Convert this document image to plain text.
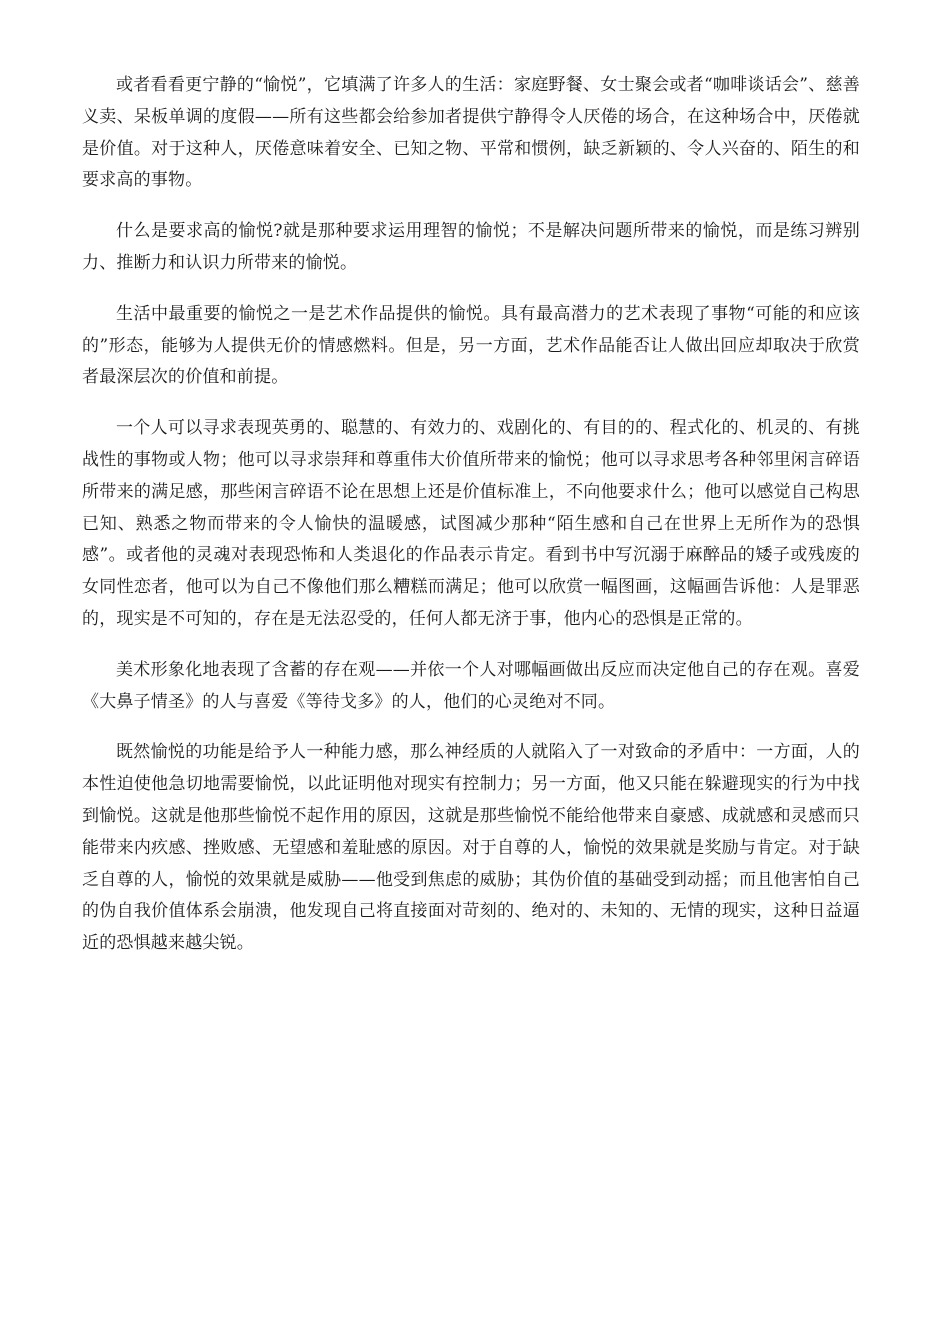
或者看看更宁静的“愉悦”，它填满了许多人的生活：家庭野餐、女士聚会或者“咖啡谈话会”、慈善义卖、呆板单调的度假——所有这些都会给参加者提供宁静得令人厌倦的场合，在这种场合中，厌倦就是价值。对于这种人，厌倦意味着安全、已知之物、平常和惯例，缺乏新颖的、令人兴奋的、陌生的和要求高的事物。

什么是要求高的愉悦?就是那种要求运用理智的愉悦；不是解决问题所带来的愉悦，而是练习辨别力、推断力和认识力所带来的愉悦。

生活中最重要的愉悦之一是艺术作品提供的愉悦。具有最高潜力的艺术表现了事物“可能的和应该的”形态，能够为人提供无价的情感燃料。但是，另一方面，艺术作品能否让人做出回应却取决于欣赏者最深层次的价值和前提。

一个人可以寻求表现英勇的、聪慧的、有效力的、戏剧化的、有目的的、程式化的、机灵的、有挑战性的事物或人物；他可以寻求崇拜和尊重伟大价值所带来的愉悦；他可以寻求思考各种邻里闲言碎语所带来的满足感，那些闲言碎语不论在思想上还是价值标准上，不向他要求什么；他可以感觉自己构思已知、熟悉之物而带来的令人愉快的温暖感，试图减少那种“陌生感和自己在世界上无所作为的恐惧感”。或者他的灵魂对表现恐怖和人类退化的作品表示肯定。看到书中写沉溺于麻醉品的矮子或残废的女同性恋者，他可以为自己不像他们那么糟糕而满足；他可以欣赏一幅图画，这幅画告诉他：人是罪恶的，现实是不可知的，存在是无法忍受的，任何人都无济于事，他内心的恐惧是正常的。

美术形象化地表现了含蓄的存在观——并依一个人对哪幅画做出反应而决定他自己的存在观。喜爱《大鼻子情圣》的人与喜爱《等待戈多》的人，他们的心灵绝对不同。

既然愉悦的功能是给予人一种能力感，那么神经质的人就陷入了一对致命的矛盾中：一方面，人的本性迫使他急切地需要愉悦，以此证明他对现实有控制力；另一方面，他又只能在躲避现实的行为中找到愉悦。这就是他那些愉悦不起作用的原因，这就是那些愉悦不能给他带来自豪感、成就感和灵感而只能带来内疚感、挫败感、无望感和羞耻感的原因。对于自尊的人，愉悦的效果就是奖励与肯定。对于缺乏自尊的人，愉悦的效果就是威胁——他受到焦虑的威胁；其伪价值的基础受到动摇；而且他害怕自己的伪自我价值体系会崩溃，他发现自己将直接面对苛刻的、绝对的、未知的、无情的现实，这种日益逼近的恐惧越来越尖锐。
